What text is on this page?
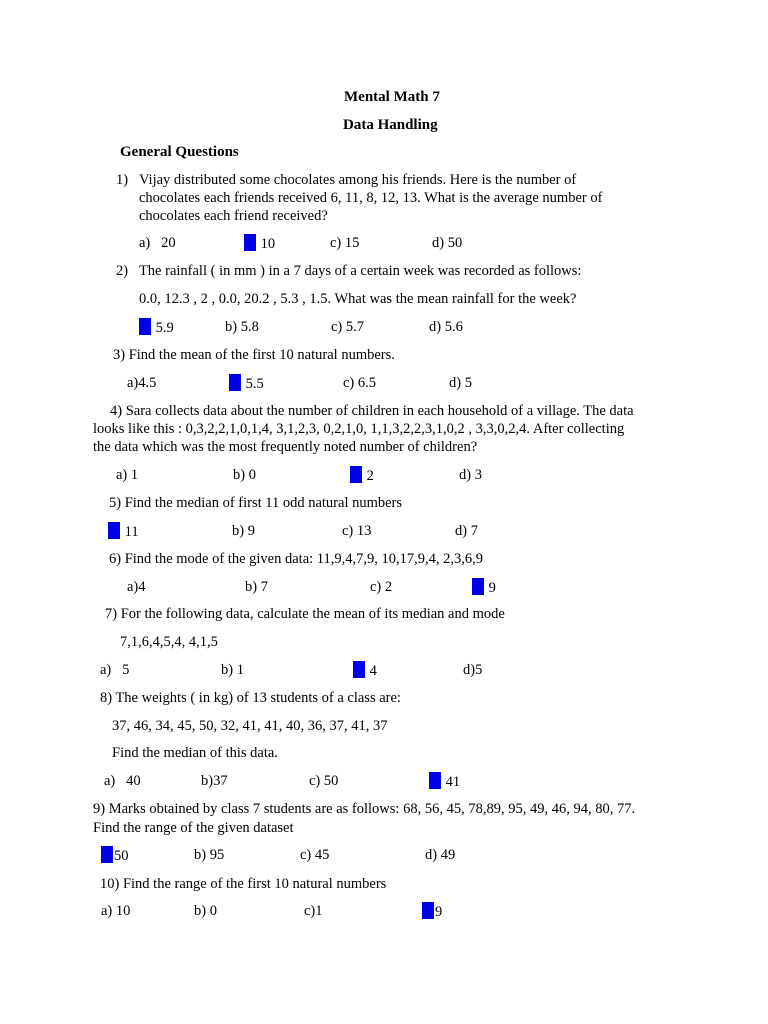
Mental Math 7
Data Handling
General Questions
1)   Vijay distributed some chocolates among his friends. Here is the number of
chocolates each friends received 6, 11, 8, 12, 13. What is the average number of
chocolates each friend received?
a)   20	10	c) 15	d) 50
2)   The rainfall ( in mm ) in a 7 days of a certain week was recorded as follows:
0.0, 12.3 , 2 , 0.0, 20.2 , 5.3 , 1.5. What was the mean rainfall for the week?
5.9	b) 5.8	c) 5.7	d) 5.6
3) Find the mean of the first 10 natural numbers.
a)4.5	5.5	c) 6.5	d) 5
4) Sara collects data about the number of children in each household of a village. The data
looks like this : 0,3,2,2,1,0,1,4, 3,1,2,3, 0,2,1,0, 1,1,3,2,2,3,1,0,2 , 3,3,0,2,4. After collecting
the data which was the most frequently noted number of children?
a) 1	b) 0	2	d) 3
5) Find the median of first 11 odd natural numbers
11	b) 9	c) 13	d) 7
6) Find the mode of the given data: 11,9,4,7,9, 10,17,9,4, 2,3,6,9
a)4	b) 7	c) 2	9
7) For the following data, calculate the mean of its median and mode
7,1,6,4,5,4, 4,1,5
a)   5	b) 1	4	d)5
8) The weights ( in kg) of 13 students of a class are:
37, 46, 34, 45, 50, 32, 41, 41, 40, 36, 37, 41, 37
Find the median of this data.
a)   40	b)37	c) 50	41
9) Marks obtained by class 7 students are as follows: 68, 56, 45, 78,89, 95, 49, 46, 94, 80, 77.
Find the range of the given dataset
50	b) 95	c) 45	d) 49
10) Find the range of the first 10 natural numbers
a) 10	b) 0	c)1	9
